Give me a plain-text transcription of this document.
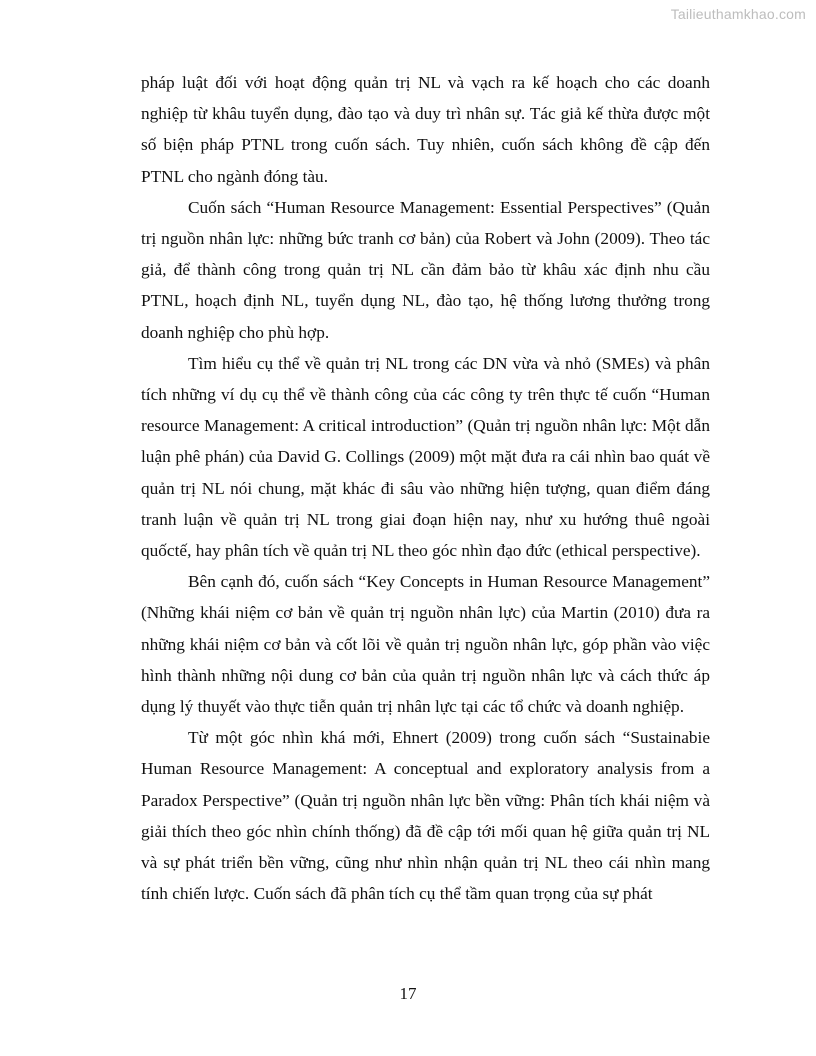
Tailieuthamkhao.com

pháp luật đối với hoạt động quản trị NL và vạch ra kế hoạch cho các doanh nghiệp từ khâu tuyển dụng, đào tạo và duy trì nhân sự. Tác giả kế thừa được một số biện pháp PTNL trong cuốn sách. Tuy nhiên, cuốn sách không đề cập đến PTNL cho ngành đóng tàu.

Cuốn sách “Human Resource Management: Essential Perspectives” (Quản trị nguồn nhân lực: những bức tranh cơ bản) của Robert và John (2009). Theo tác giả, để thành công trong quản trị NL cần đảm bảo từ khâu xác định nhu cầu PTNL, hoạch định NL, tuyển dụng NL, đào tạo, hệ thống lương thưởng trong doanh nghiệp cho phù hợp.

Tìm hiểu cụ thể về quản trị NL trong các DN vừa và nhỏ (SMEs) và phân tích những ví dụ cụ thể về thành công của các công ty trên thực tế cuốn “Human resource Management: A critical introduction” (Quản trị nguồn nhân lực: Một dẫn luận phê phán) của David G. Collings (2009) một mặt đưa ra cái nhìn bao quát về quản trị NL nói chung, mặt khác đi sâu vào những hiện tượng, quan điểm đáng tranh luận về quản trị NL trong giai đoạn hiện nay, như xu hướng thuê ngoài quốctế, hay phân tích về quản trị NL theo góc nhìn đạo đức (ethical perspective).

Bên cạnh đó, cuốn sách “Key Concepts in Human Resource Management” (Những khái niệm cơ bản về quản trị nguồn nhân lực) của Martin (2010) đưa ra những khái niệm cơ bản và cốt lõi về quản trị nguồn nhân lực, góp phần vào việc hình thành những nội dung cơ bản của quản trị nguồn nhân lực và cách thức áp dụng lý thuyết vào thực tiễn quản trị nhân lực tại các tổ chức và doanh nghiệp.

Từ một góc nhìn khá mới, Ehnert (2009) trong cuốn sách “Sustainabie Human Resource Management: A conceptual and exploratory analysis from a Paradox Perspective” (Quản trị nguồn nhân lực bền vững: Phân tích khái niệm và giải thích theo góc nhìn chính thống) đã đề cập tới mối quan hệ giữa quản trị NL và sự phát triển bền vững, cũng như nhìn nhận quản trị NL theo cái nhìn mang tính chiến lược. Cuốn sách đã phân tích cụ thể tầm quan trọng của sự phát

17
